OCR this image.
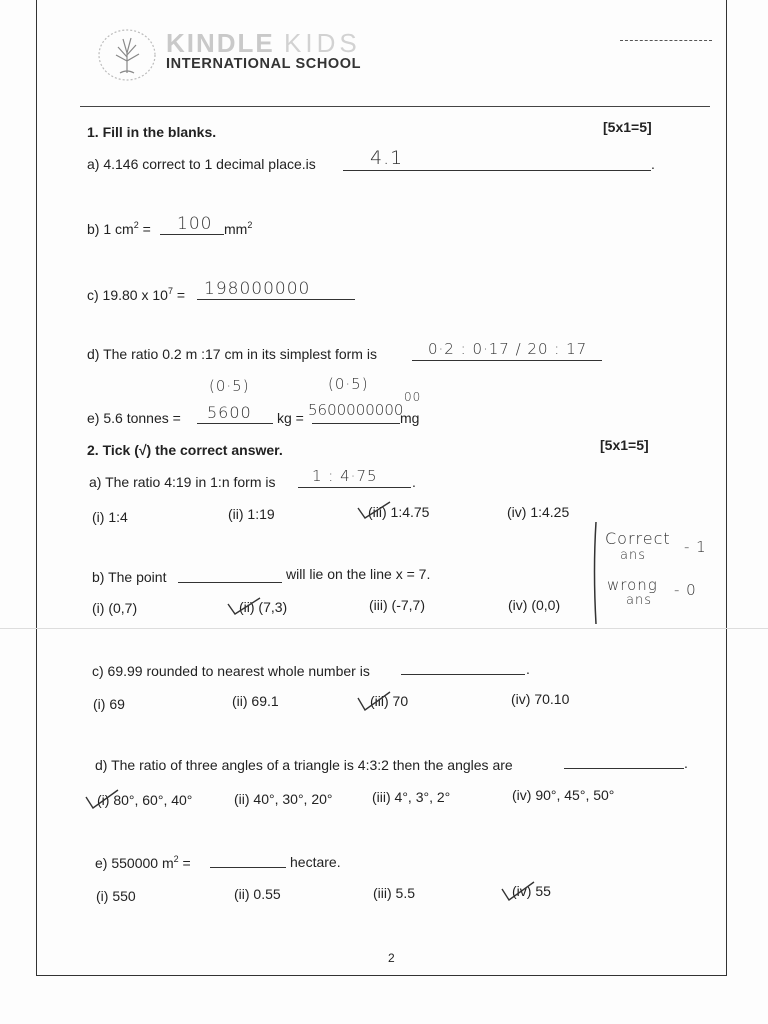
KINDLE KIDS
INTERNATIONAL SCHOOL
1. Fill in the blanks.	[5x1=5]
a) 4.146 correct to 1 decimal place.is	.
4.1
b) 1 $cm^2$ =	$mm^2$
100
c) 19.80 x $10^7 = 198000000$
d) The ratio 0.2 m :17 cm in its simplest form is	0·2 : 0·17 / 20 : 17
(0·5)	(0·5)
e) 5.6 tonnes =	kg =	mg
5600	5600000000
00
2. Tick (√) the correct answer.	[5x1=5]
a) The ratio 4:19 in 1:n form is	.
1 : 4·75
(i) 1:4	(ii) 1:19	(iii) 1:4.75	(iv) 1:4.25
b) The point	will lie on the line x = 7.
(i) (0,7)	(ii) (7,3)	(iii) (-7,7)	(iv) (0,0)
c) 69.99 rounded to nearest whole number is	.
(i) 69	(ii) 69.1	(iii) 70	(iv) 70.10
d) The ratio of three angles of a triangle is 4:3:2 then the angles are	.
(i) 80°, 60°, 40°	(ii) 40°, 30°, 20°	(iii) 4°, 3°, 2°	(iv) 90°, 45°, 50°
e) 550000 $m^2$ =	hectare.
(i) 550	(ii) 0.55	(iii) 5.5	(iv) 55
Correct
ans	- 1
wrong
ans
- 0
2
